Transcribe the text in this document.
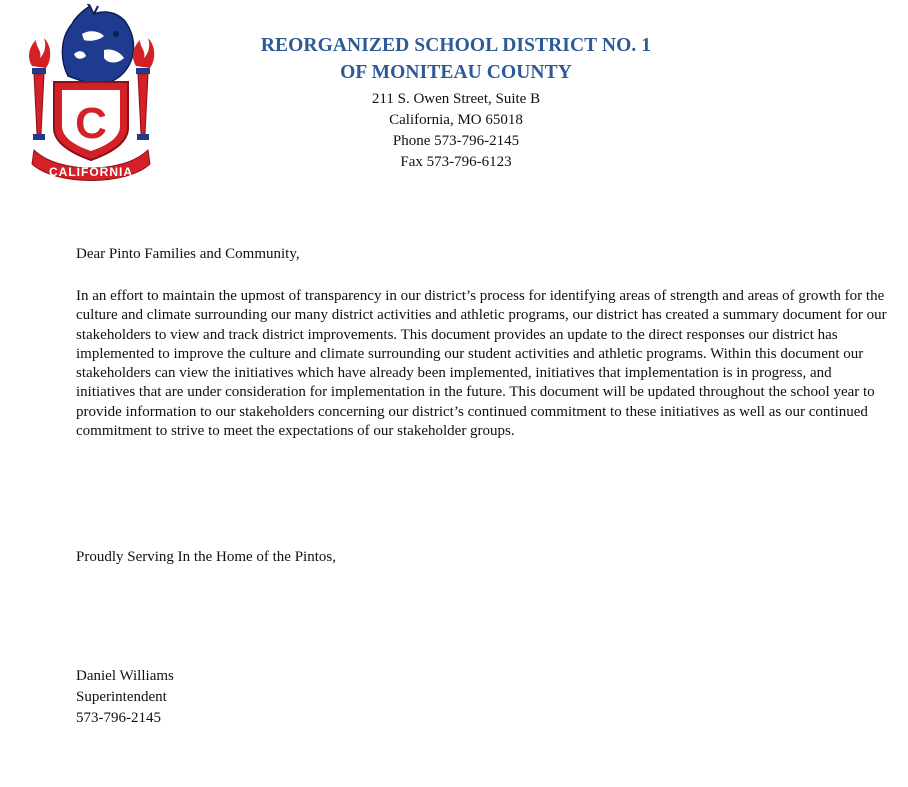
C
CALIFORNIA
REORGANIZED SCHOOL DISTRICT NO. 1
OF MONITEAU COUNTY
211 S. Owen Street, Suite B
California, MO 65018
Phone 573-796-2145
Fax 573-796-6123
Dear Pinto Families and Community,

In an effort to maintain the upmost of transparency in our district’s process for identifying areas of strength and areas of growth for the culture and climate surrounding our many district activities and athletic programs, our district has created a summary document for our stakeholders to view and track district improvements. This document provides an update to the direct responses our district has implemented to improve the culture and climate surrounding our student activities and athletic programs. Within this document our stakeholders can view the initiatives which have already been implemented, initiatives that implementation is in progress, and initiatives that are under consideration for implementation in the future. This document will be updated throughout the school year to provide information to our stakeholders concerning our district’s continued commitment to these initiatives as well as our continued commitment to strive to meet the expectations of our stakeholder groups.

Proudly Serving In the Home of the Pintos,
Daniel Williams
Superintendent
573-796-2145
